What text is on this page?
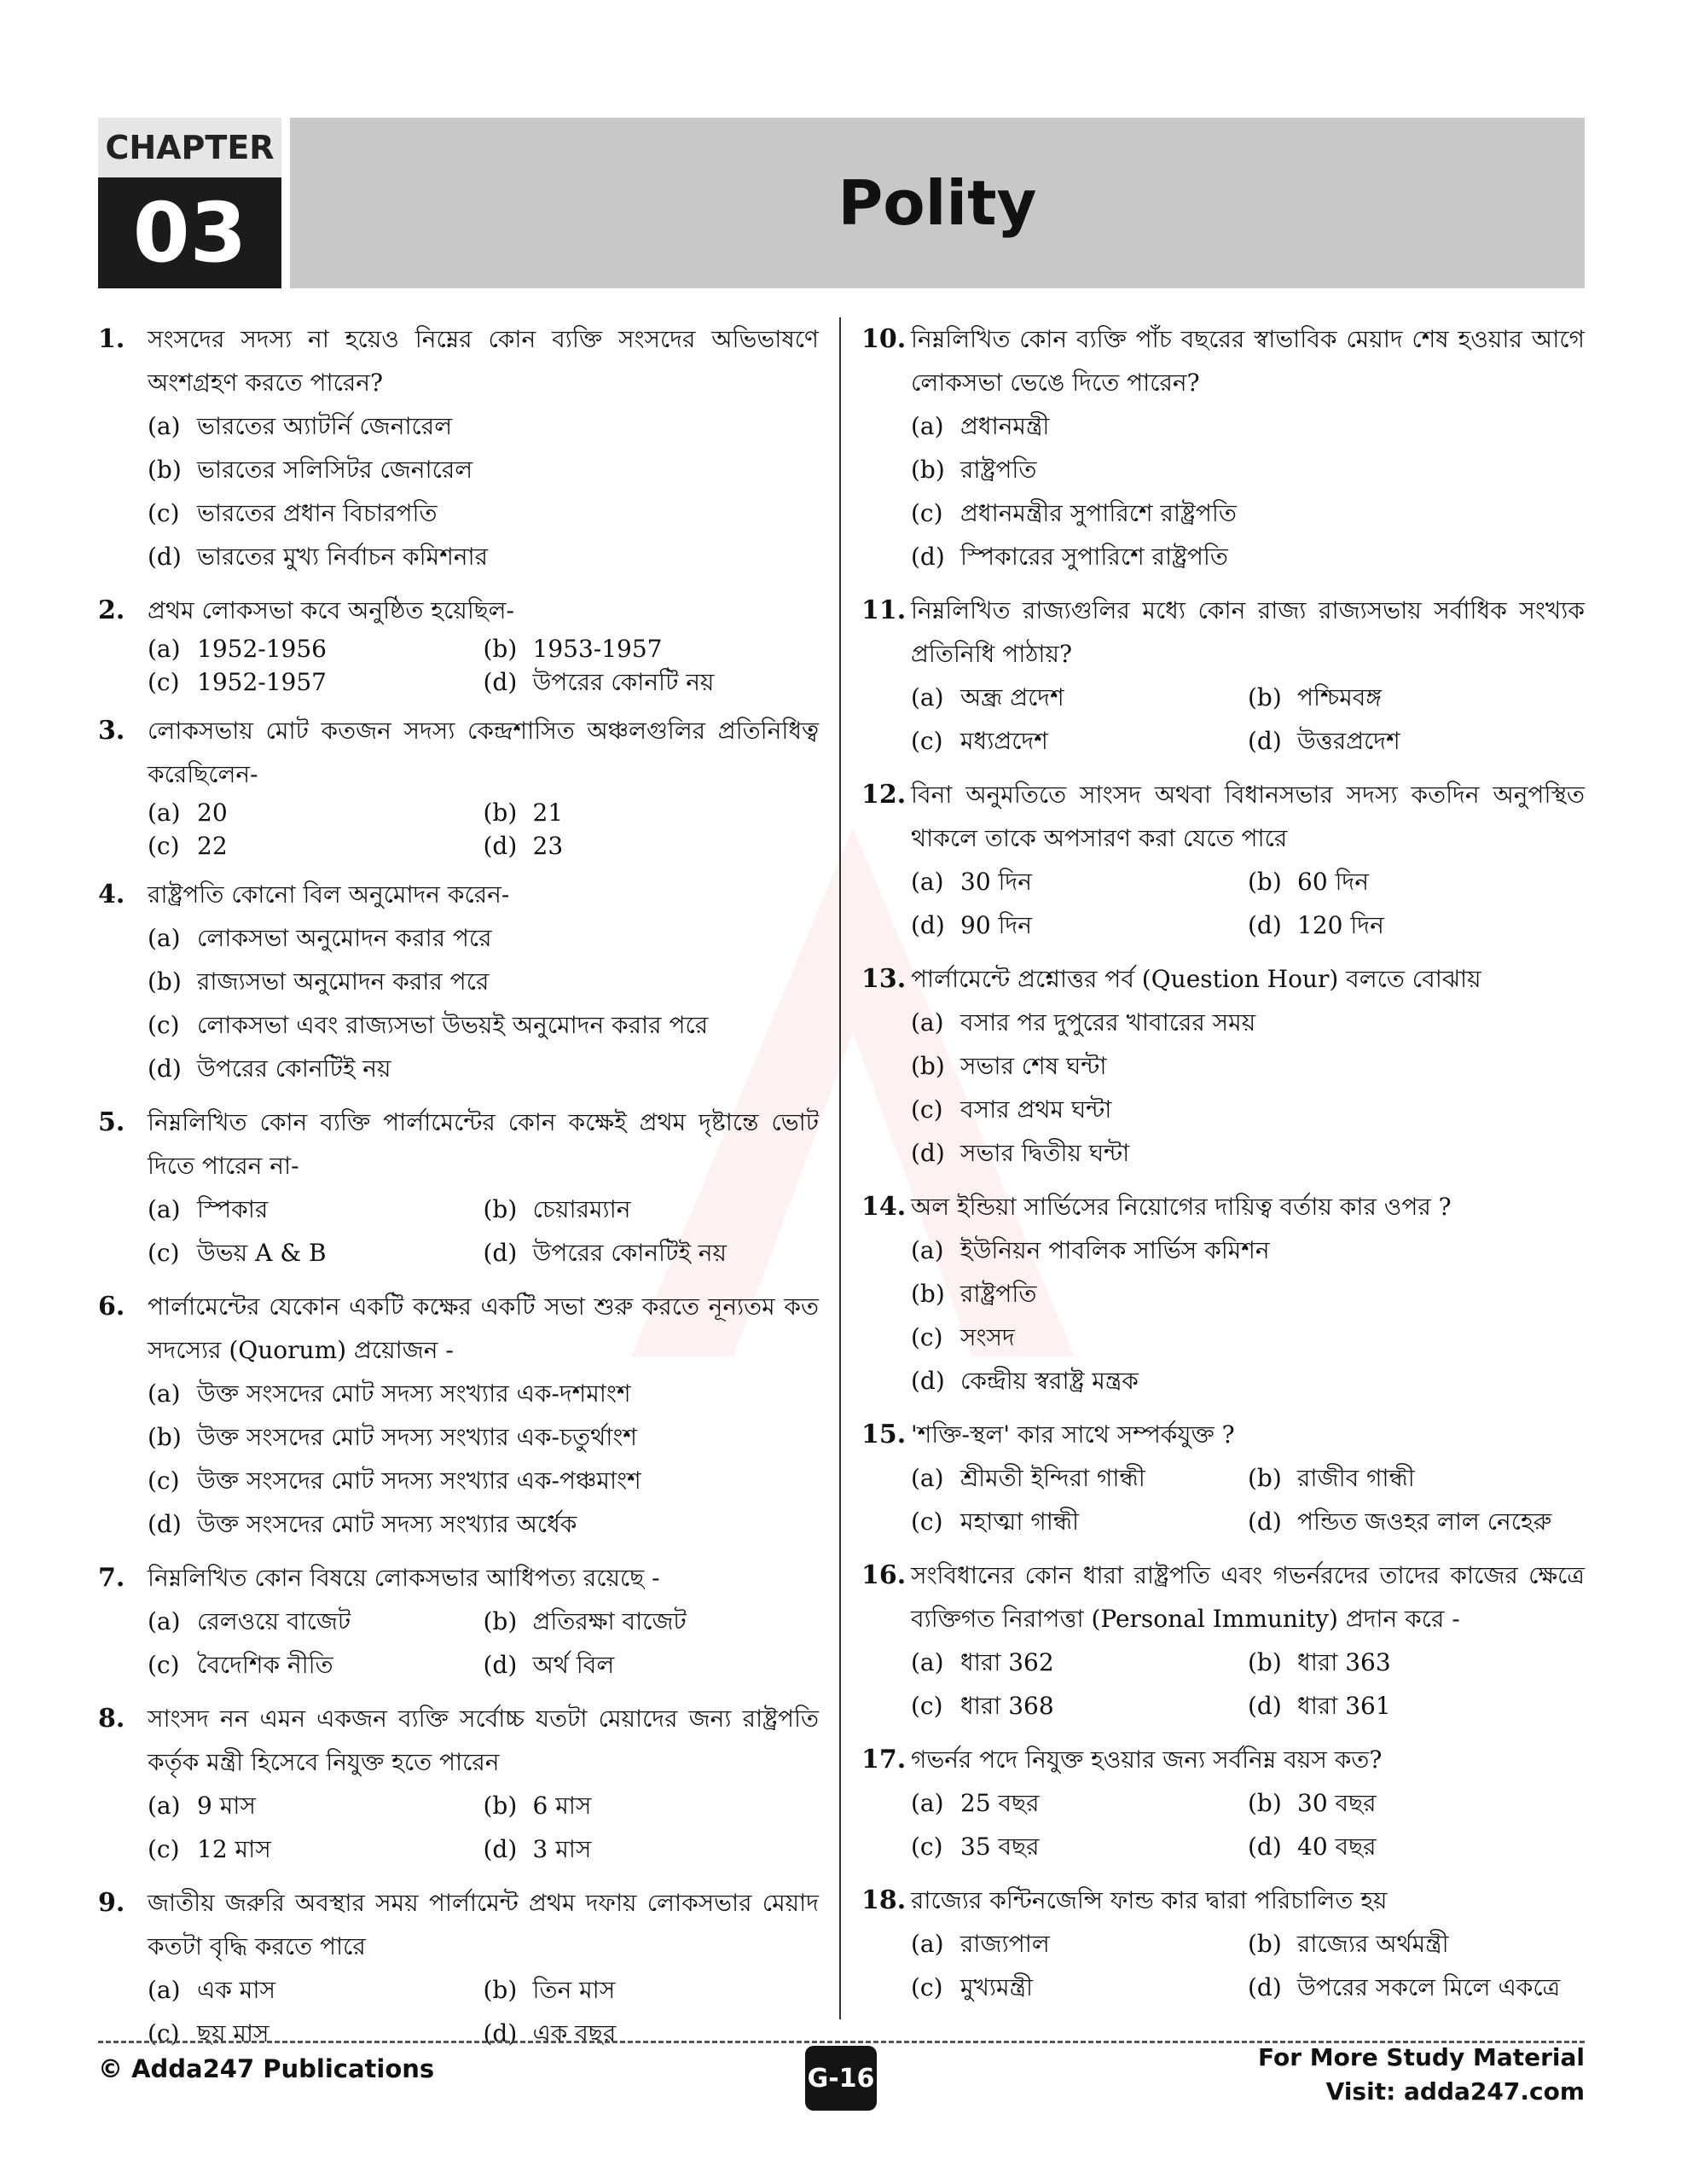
CHAPTER
03	Polity
1. সংসদের সদস্য না হয়েও নিম্নের কোন ব্যক্তি সংসদের অভিভাষণে অংশগ্রহণ করতে পারেন?
(a) ভারতের অ্যাটর্নি জেনারেল
(b) ভারতের সলিসিটর জেনারেল
(c) ভারতের প্রধান বিচারপতি
(d) ভারতের মুখ্য নির্বাচন কমিশনার
2. প্রথম লোকসভা কবে অনুষ্ঠিত হয়েছিল-
(a) 1952-1956	(b) 1953-1957
(c) 1952-1957	(d) উপরের কোনটি নয়
3. লোকসভায় মোট কতজন সদস্য কেন্দ্রশাসিত অঞ্চলগুলির প্রতিনিধিত্ব করেছিলেন-
(a) 20	(b) 21
(c) 22	(d) 23
4. রাষ্ট্রপতি কোনো বিল অনুমোদন করেন-
(a) লোকসভা অনুমোদন করার পরে
(b) রাজ্যসভা অনুমোদন করার পরে
(c) লোকসভা এবং রাজ্যসভা উভয়ই অনুমোদন করার পরে
(d) উপরের কোনটিই নয়
5. নিম্নলিখিত কোন ব্যক্তি পার্লামেন্টের কোন কক্ষেই প্রথম দৃষ্টান্তে ভোট দিতে পারেন না-
(a) স্পিকার	(b) চেয়ারম্যান
(c) উভয় A & B	(d) উপরের কোনটিই নয়
6. পার্লামেন্টের যেকোন একটি কক্ষের একটি সভা শুরু করতে নূন্যতম কত সদস্যের (Quorum) প্রয়োজন -
(a) উক্ত সংসদের মোট সদস্য সংখ্যার এক-দশমাংশ
(b) উক্ত সংসদের মোট সদস্য সংখ্যার এক-চতুর্থাংশ
(c) উক্ত সংসদের মোট সদস্য সংখ্যার এক-পঞ্চমাংশ
(d) উক্ত সংসদের মোট সদস্য সংখ্যার অর্ধেক
7. নিম্নলিখিত কোন বিষয়ে লোকসভার আধিপত্য রয়েছে -
(a) রেলওয়ে বাজেট	(b) প্রতিরক্ষা বাজেট
(c) বৈদেশিক নীতি	(d) অর্থ বিল
8. সাংসদ নন এমন একজন ব্যক্তি সর্বোচ্চ যতটা মেয়াদের জন্য রাষ্ট্রপতি কর্তৃক মন্ত্রী হিসেবে নিযুক্ত হতে পারেন
(a) 9 মাস	(b) 6 মাস
(c) 12 মাস	(d) 3 মাস
9. জাতীয় জরুরি অবস্থার সময় পার্লামেন্ট প্রথম দফায় লোকসভার মেয়াদ কতটা বৃদ্ধি করতে পারে
(a) এক মাস	(b) তিন মাস
(c) ছয় মাস	(d) এক বছর
10. নিম্নলিখিত কোন ব্যক্তি পাঁচ বছরের স্বাভাবিক মেয়াদ শেষ হওয়ার আগে লোকসভা ভেঙে দিতে পারেন?
(a) প্রধানমন্ত্রী
(b) রাষ্ট্রপতি
(c) প্রধানমন্ত্রীর সুপারিশে রাষ্ট্রপতি
(d) স্পিকারের সুপারিশে রাষ্ট্রপতি
11. নিম্নলিখিত রাজ্যগুলির মধ্যে কোন রাজ্য রাজ্যসভায় সর্বাধিক সংখ্যক প্রতিনিধি পাঠায়?
(a) অন্ধ্র প্রদেশ	(b) পশ্চিমবঙ্গ
(c) মধ্যপ্রদেশ	(d) উত্তরপ্রদেশ
12. বিনা অনুমতিতে সাংসদ অথবা বিধানসভার সদস্য কতদিন অনুপস্থিত থাকলে তাকে অপসারণ করা যেতে পারে
(a) 30 দিন	(b) 60 দিন
(d) 90 দিন	(d) 120 দিন
13. পার্লামেন্টে প্রশ্নোত্তর পর্ব (Question Hour) বলতে বোঝায়
(a) বসার পর দুপুরের খাবারের সময়
(b) সভার শেষ ঘন্টা
(c) বসার প্রথম ঘন্টা
(d) সভার দ্বিতীয় ঘন্টা
14. অল ইন্ডিয়া সার্ভিসের নিয়োগের দায়িত্ব বর্তায় কার ওপর ?
(a) ইউনিয়ন পাবলিক সার্ভিস কমিশন
(b) রাষ্ট্রপতি
(c) সংসদ
(d) কেন্দ্রীয় স্বরাষ্ট্র মন্ত্রক
15. 'শক্তি-স্থল' কার সাথে সম্পর্কযুক্ত ?
(a) শ্রীমতী ইন্দিরা গান্ধী	(b) রাজীব গান্ধী
(c) মহাত্মা গান্ধী	(d) পন্ডিত জওহর লাল নেহেরু
16. সংবিধানের কোন ধারা রাষ্ট্রপতি এবং গভর্নরদের তাদের কাজের ক্ষেত্রে ব্যক্তিগত নিরাপত্তা (Personal Immunity) প্রদান করে -
(a) ধারা 362	(b) ধারা 363
(c) ধারা 368	(d) ধারা 361
17. গভর্নর পদে নিযুক্ত হওয়ার জন্য সর্বনিম্ন বয়স কত?
(a) 25 বছর	(b) 30 বছর
(c) 35 বছর	(d) 40 বছর
18. রাজ্যের কন্টিনজেন্সি ফান্ড কার দ্বারা পরিচালিত হয়
(a) রাজ্যপাল	(b) রাজ্যের অর্থমন্ত্রী
(c) মুখ্যমন্ত্রী	(d) উপরের সকলে মিলে একত্রে
© Adda247 Publications	G-16
For More Study Material
Visit: adda247.com
